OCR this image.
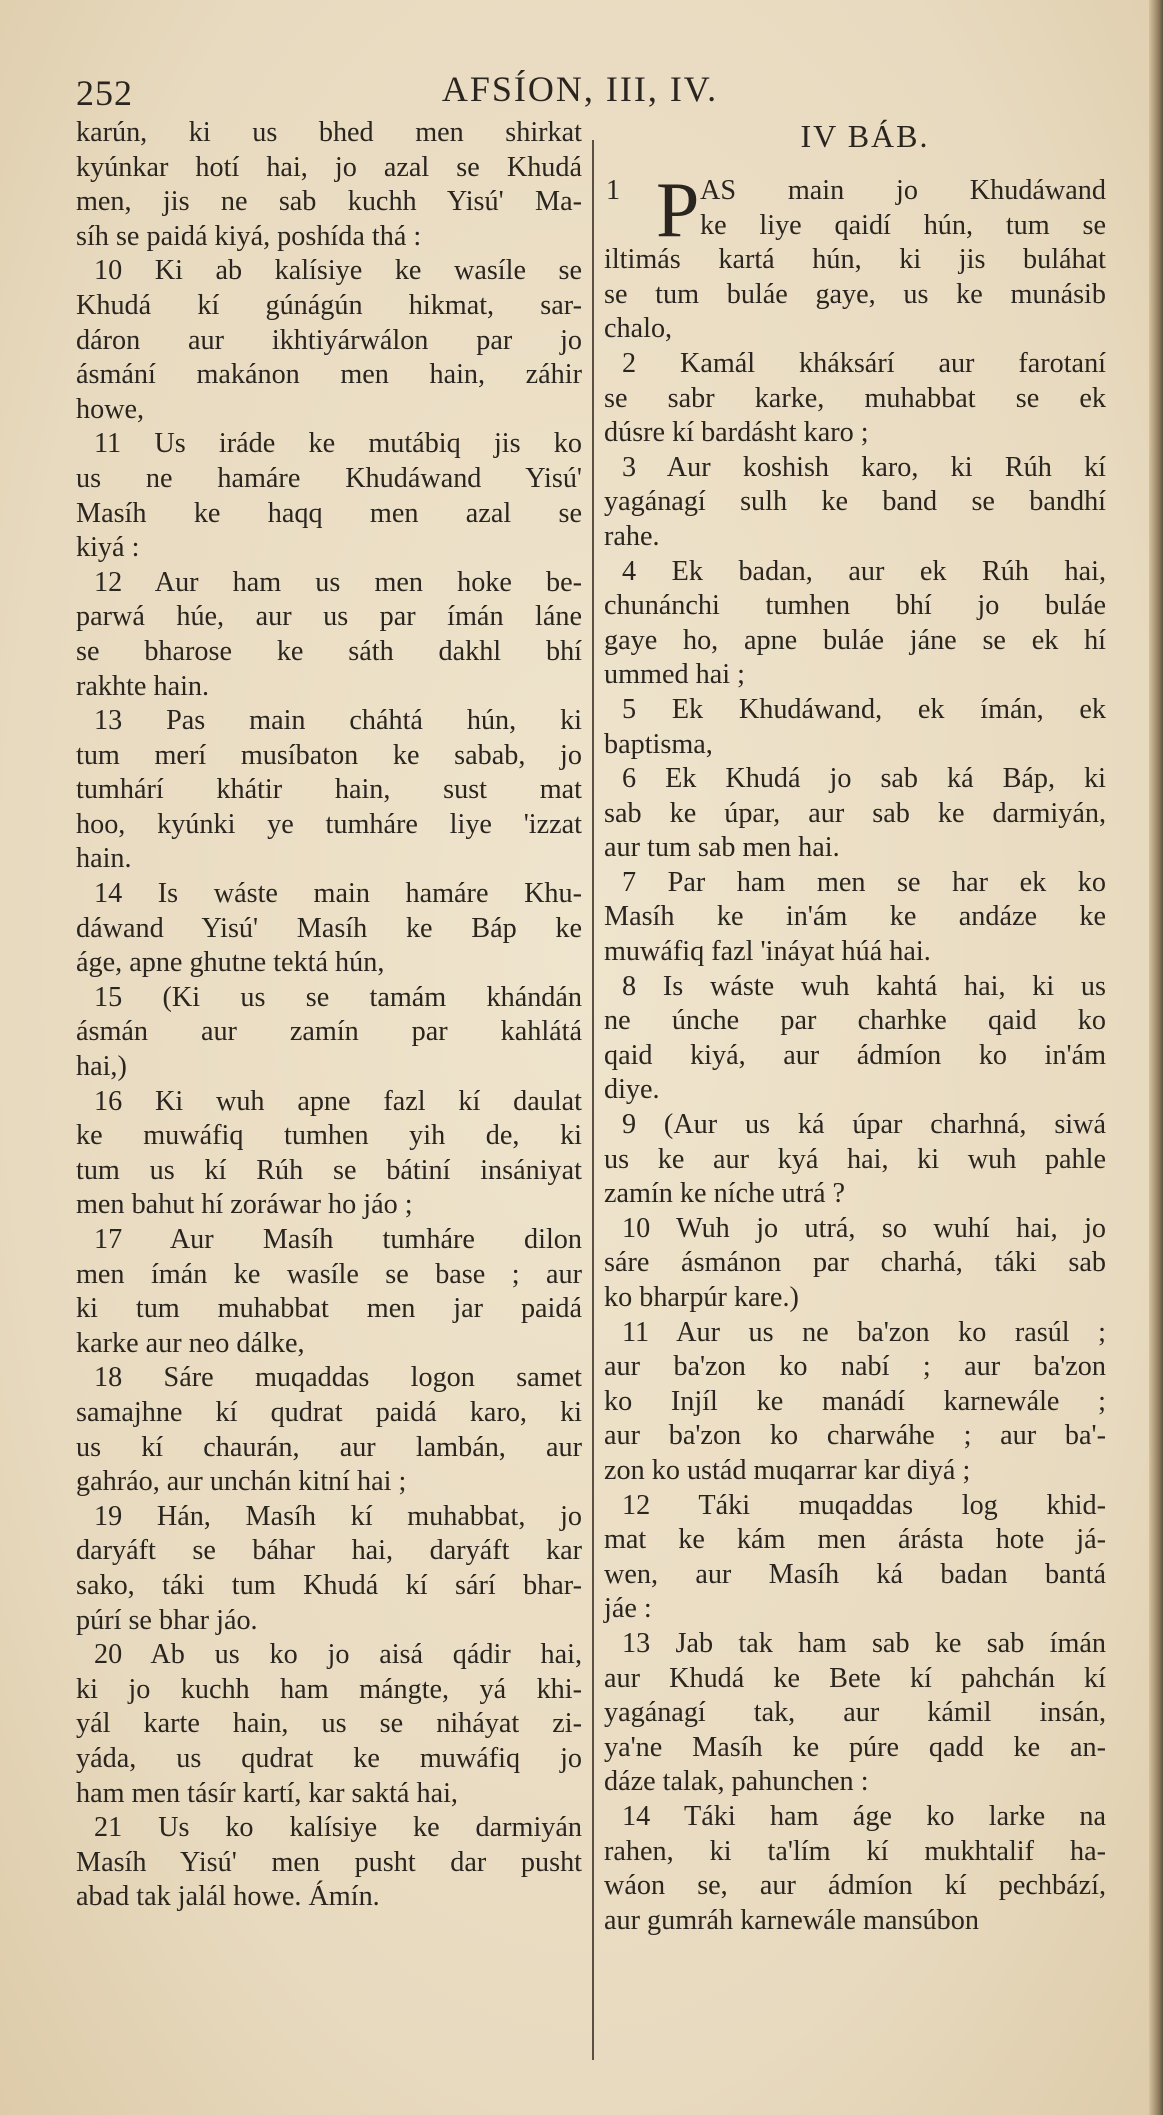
252	AFSÍON, III, IV.
karún, ki us bhed men shirkat
kyúnkar hotí hai, jo azal se Khudá
men, jis ne sab kuchh Yisú' Ma-
síh se paidá kiyá, poshída thá :
10 Ki ab kalísiye ke wasíle se
Khudá kí gúnágún hikmat, sar-
dáron aur ikhtiyárwálon par jo
ásmání makánon men hain, záhir
howe,
11 Us iráde ke mutábiq jis ko
us ne hamáre Khudáwand Yisú'
Masíh ke haqq men azal se
kiyá :
12 Aur ham us men hoke be-
parwá húe, aur us par ímán láne
se bharose ke sáth dakhl bhí
rakhte hain.
13 Pas main cháhtá hún, ki
tum merí musíbaton ke sabab, jo
tumhárí khátir hain, sust mat
hoo, kyúnki ye tumháre liye 'izzat
hain.
14 Is wáste main hamáre Khu-
dáwand Yisú' Masíh ke Báp ke
áge, apne ghutne tektá hún,
15 (Ki us se tamám khándán
ásmán aur zamín par kahlátá
hai,)
16 Ki wuh apne fazl kí daulat
ke muwáfiq tumhen yih de, ki
tum us kí Rúh se bátiní insániyat
men bahut hí zoráwar ho jáo ;
17 Aur Masíh tumháre dilon
men ímán ke wasíle se base ; aur
ki tum muhabbat men jar paidá
karke aur neo dálke,
18 Sáre muqaddas logon samet
samajhne kí qudrat paidá karo, ki
us kí chaurán, aur lambán, aur
gahráo, aur unchán kitní hai ;
19 Hán, Masíh kí muhabbat, jo
daryáft se báhar hai, daryáft kar
sako, táki tum Khudá kí sárí bhar-
púrí se bhar jáo.
20 Ab us ko jo aisá qádir hai,
ki jo kuchh ham mángte, yá khi-
yál karte hain, us se niháyat zi-
yáda, us qudrat ke muwáfiq jo
ham men tásír kartí, kar saktá hai,
21 Us ko kalísiye ke darmiyán
Masíh Yisú' men pusht dar pusht
abad tak jalál howe. Ámín.
IV BÁB.
1 P AS main jo Khudáwand
ke liye qaidí hún, tum se
iltimás kartá hún, ki jis buláhat
se tum buláe gaye, us ke munásib
chalo,
2 Kamál kháksárí aur farotaní
se sabr karke, muhabbat se ek
dúsre kí bardásht karo ;
3 Aur koshish karo, ki Rúh kí
yagánagí sulh ke band se bandhí
rahe.
4 Ek badan, aur ek Rúh hai,
chunánchi tumhen bhí jo buláe
gaye ho, apne buláe jáne se ek hí
ummed hai ;
5 Ek Khudáwand, ek ímán, ek
baptisma,
6 Ek Khudá jo sab ká Báp, ki
sab ke úpar, aur sab ke darmiyán,
aur tum sab men hai.
7 Par ham men se har ek ko
Masíh ke in'ám ke andáze ke
muwáfiq fazl 'ináyat húá hai.
8 Is wáste wuh kahtá hai, ki us
ne únche par charhke qaid ko
qaid kiyá, aur ádmíon ko in'ám
diye.
9 (Aur us ká úpar charhná, siwá
us ke aur kyá hai, ki wuh pahle
zamín ke níche utrá ?
10 Wuh jo utrá, so wuhí hai, jo
sáre ásmánon par charhá, táki sab
ko bharpúr kare.)
11 Aur us ne ba'zon ko rasúl ;
aur ba'zon ko nabí ; aur ba'zon
ko Injíl ke manádí karnewále ;
aur ba'zon ko charwáhe ; aur ba'-
zon ko ustád muqarrar kar diyá ;
12 Táki muqaddas log khid-
mat ke kám men árásta hote já-
wen, aur Masíh ká badan bantá
jáe :
13 Jab tak ham sab ke sab ímán
aur Khudá ke Bete kí pahchán kí
yagánagí tak, aur kámil insán,
ya'ne Masíh ke púre qadd ke an-
dáze talak, pahunchen :
14 Táki ham áge ko larke na
rahen, ki ta'lím kí mukhtalif ha-
wáon se, aur ádmíon kí pechbází,
aur gumráh karnewále mansúbon
